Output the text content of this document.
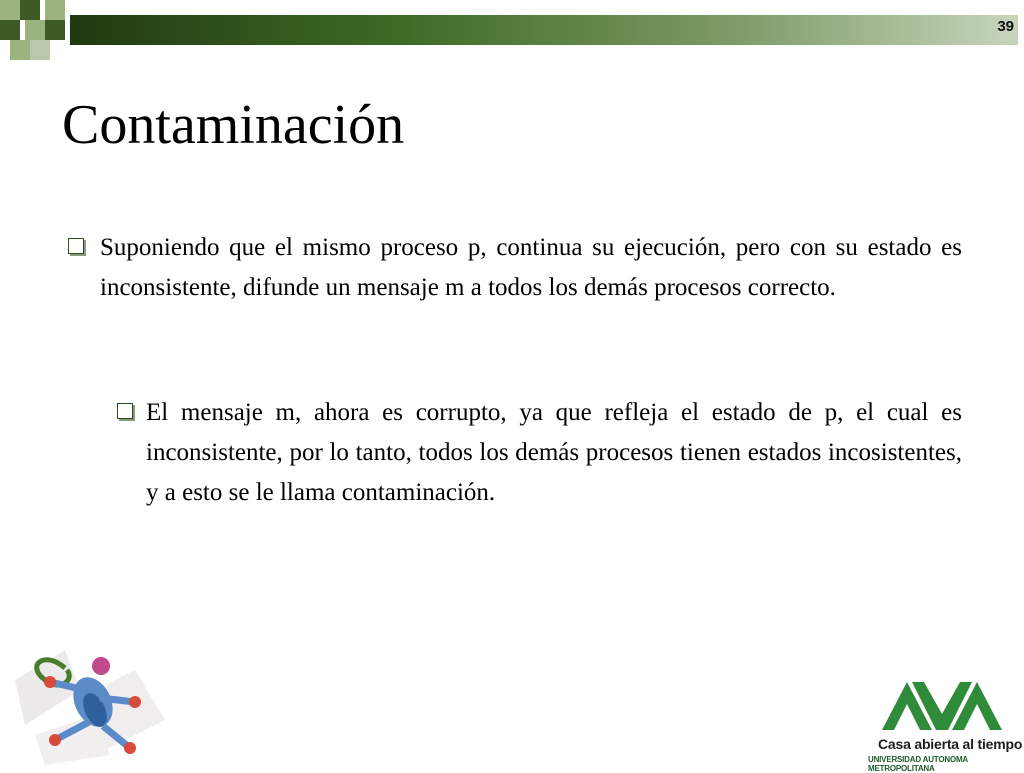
39
Contaminación
Suponiendo que el mismo proceso p, continua su ejecución, pero con su estado es inconsistente, difunde un mensaje m a todos los demás procesos correcto.
El mensaje m, ahora es corrupto, ya que refleja el estado de p, el cual es inconsistente, por lo tanto, todos los demás procesos tienen estados incosistentes, y a esto se le llama contaminación.
Casa abierta al tiempo
UNIVERSIDAD AUTONOMA METROPOLITANA
